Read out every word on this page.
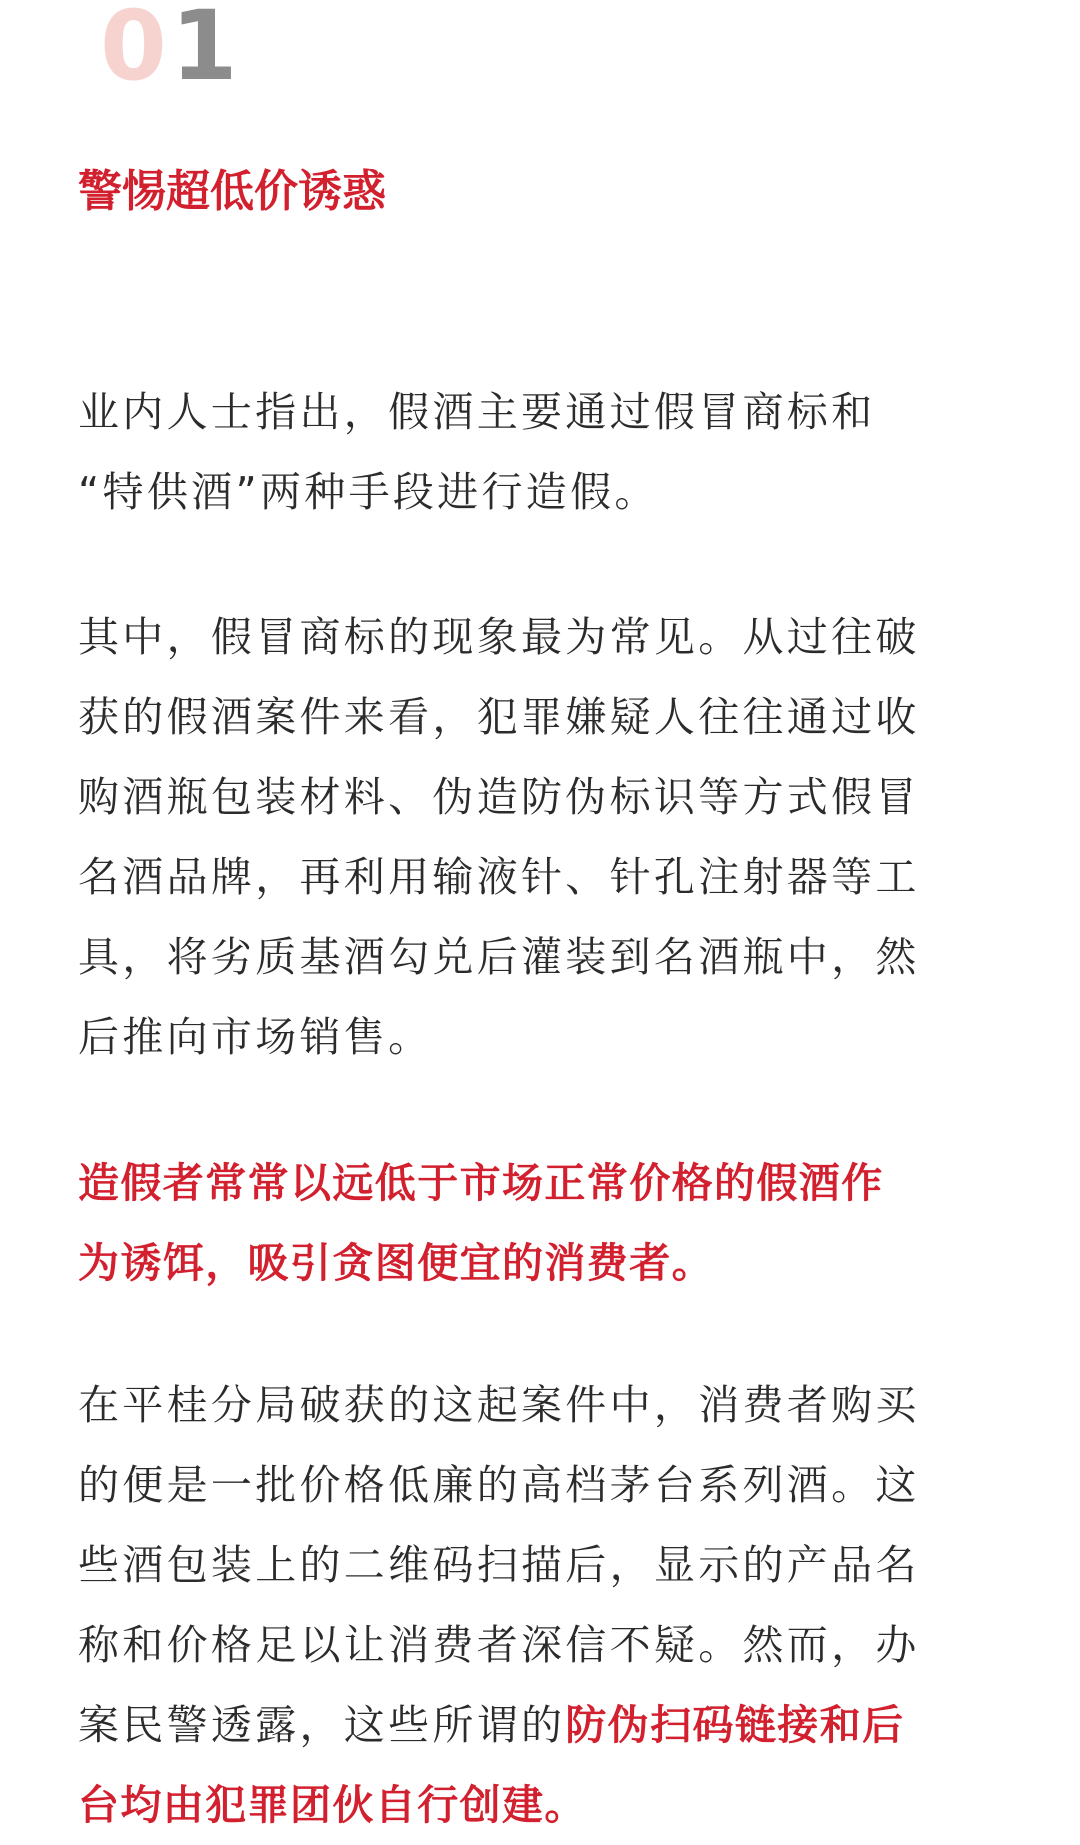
01
警惕超低价诱惑

业内人士指出，假酒主要通过假冒商标和
“特供酒”两种手段进行造假。

其中，假冒商标的现象最为常见。从过往破
获的假酒案件来看，犯罪嫌疑人往往通过收
购酒瓶包装材料、伪造防伪标识等方式假冒
名酒品牌，再利用输液针、针孔注射器等工
具，将劣质基酒勾兑后灌装到名酒瓶中，然
后推向市场销售。

造假者常常以远低于市场正常价格的假酒作
为诱饵，吸引贪图便宜的消费者。

在平桂分局破获的这起案件中，消费者购买
的便是一批价格低廉的高档茅台系列酒。这
些酒包装上的二维码扫描后，显示的产品名
称和价格足以让消费者深信不疑。然而，办
案民警透露，这些所谓的防伪扫码链接和后
台均由犯罪团伙自行创建。
